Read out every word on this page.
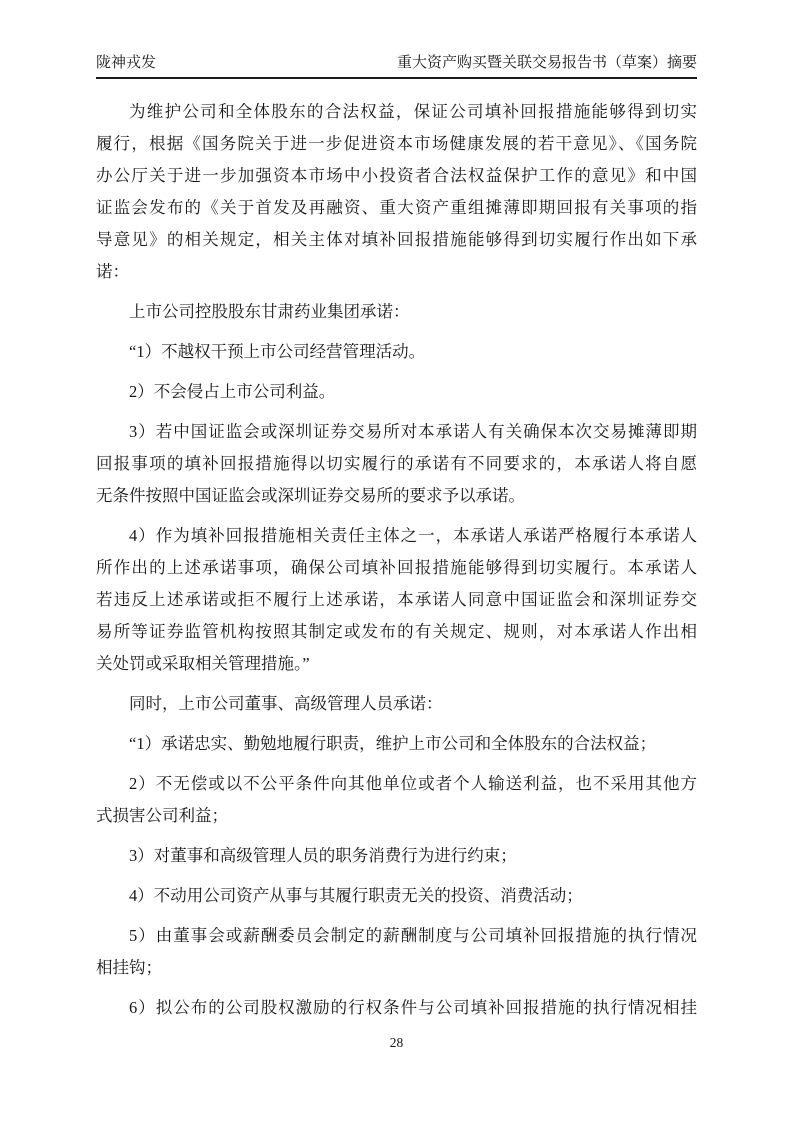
陇神戎发	重大资产购买暨关联交易报告书（草案）摘要
为维护公司和全体股东的合法权益，保证公司填补回报措施能够得到切实
履行，根据《国务院关于进一步促进资本市场健康发展的若干意见》、《国务院
办公厅关于进一步加强资本市场中小投资者合法权益保护工作的意见》和中国
证监会发布的《关于首发及再融资、重大资产重组摊薄即期回报有关事项的指
导意见》的相关规定，相关主体对填补回报措施能够得到切实履行作出如下承
诺：
上市公司控股股东甘肃药业集团承诺：
“1）不越权干预上市公司经营管理活动。
2）不会侵占上市公司利益。
3）若中国证监会或深圳证券交易所对本承诺人有关确保本次交易摊薄即期
回报事项的填补回报措施得以切实履行的承诺有不同要求的，本承诺人将自愿
无条件按照中国证监会或深圳证券交易所的要求予以承诺。
4）作为填补回报措施相关责任主体之一，本承诺人承诺严格履行本承诺人
所作出的上述承诺事项，确保公司填补回报措施能够得到切实履行。本承诺人
若违反上述承诺或拒不履行上述承诺，本承诺人同意中国证监会和深圳证券交
易所等证券监管机构按照其制定或发布的有关规定、规则，对本承诺人作出相
关处罚或采取相关管理措施。”
同时，上市公司董事、高级管理人员承诺：
“1）承诺忠实、勤勉地履行职责，维护上市公司和全体股东的合法权益；
2）不无偿或以不公平条件向其他单位或者个人输送利益，也不采用其他方
式损害公司利益；
3）对董事和高级管理人员的职务消费行为进行约束；
4）不动用公司资产从事与其履行职责无关的投资、消费活动；
5）由董事会或薪酬委员会制定的薪酬制度与公司填补回报措施的执行情况
相挂钩；
6）拟公布的公司股权激励的行权条件与公司填补回报措施的执行情况相挂
28
